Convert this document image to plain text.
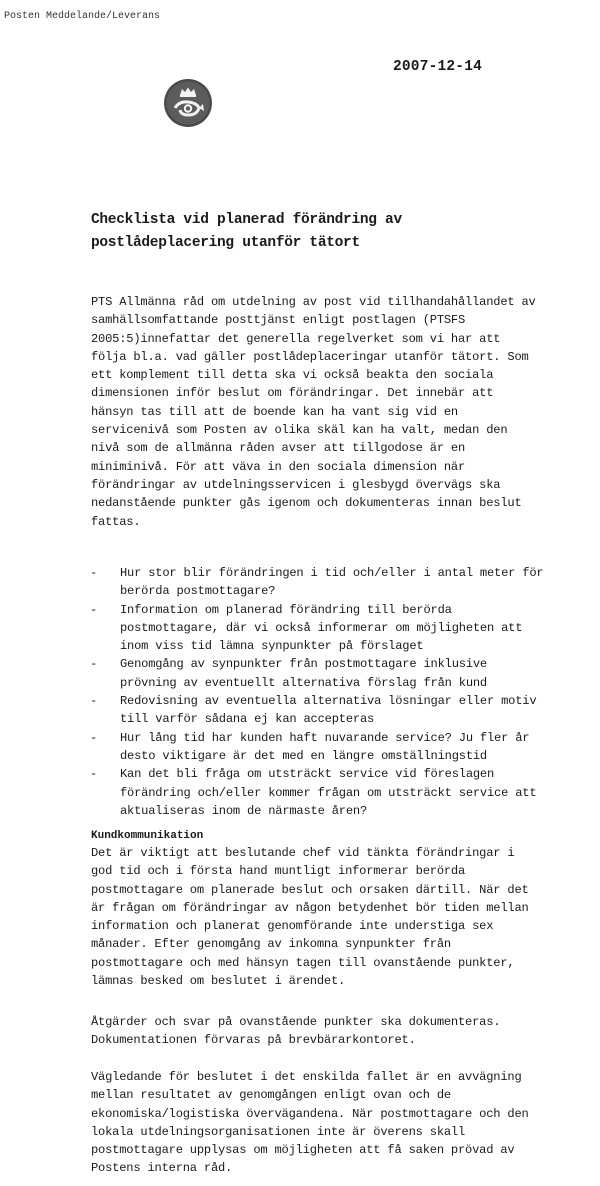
Posten Meddelande/Leverans
2007-12-14
Checklista vid planerad förändring av
postlådeplacering utanför tätort
PTS Allmänna råd om utdelning av post vid tillhandahållandet av
samhällsomfattande posttjänst enligt postlagen (PTSFS
2005:5)innefattar det generella regelverket som vi har att
följa bl.a. vad gäller postlådeplaceringar utanför tätort. Som
ett komplement till detta ska vi också beakta den sociala
dimensionen inför beslut om förändringar. Det innebär att
hänsyn tas till att de boende kan ha vant sig vid en
servicenivå som Posten av olika skäl kan ha valt, medan den
nivå som de allmänna råden avser att tillgodose är en
miniminivå. För att väva in den sociala dimension när
förändringar av utdelningsservicen i glesbygd övervägs ska
nedanstående punkter gås igenom och dokumenteras innan beslut
fattas.
- Hur stor blir förändringen i tid och/eller i antal meter för
berörda postmottagare?
- Information om planerad förändring till berörda
postmottagare, där vi också informerar om möjligheten att
inom viss tid lämna synpunkter på förslaget
- Genomgång av synpunkter från postmottagare inklusive
prövning av eventuellt alternativa förslag från kund
- Redovisning av eventuella alternativa lösningar eller motiv
till varför sådana ej kan accepteras
- Hur lång tid har kunden haft nuvarande service? Ju fler år
desto viktigare är det med en längre omställningstid
- Kan det bli fråga om utsträckt service vid föreslagen
förändring och/eller kommer frågan om utsträckt service att
aktualiseras inom de närmaste åren?
Kundkommunikation
Det är viktigt att beslutande chef vid tänkta förändringar i
god tid och i första hand muntligt informerar berörda
postmottagare om planerade beslut och orsaken därtill. När det
är frågan om förändringar av någon betydenhet bör tiden mellan
information och planerat genomförande inte understiga sex
månader. Efter genomgång av inkomna synpunkter från
postmottagare och med hänsyn tagen till ovanstående punkter,
lämnas besked om beslutet i ärendet.
Åtgärder och svar på ovanstående punkter ska dokumenteras.
Dokumentationen förvaras på brevbärarkontoret.
Vägledande för beslutet i det enskilda fallet är en avvägning
mellan resultatet av genomgången enligt ovan och de
ekonomiska/logistiska övervägandena. När postmottagare och den
lokala utdelningsorganisationen inte är överens skall
postmottagare upplysas om möjligheten att få saken prövad av
Postens interna råd.
